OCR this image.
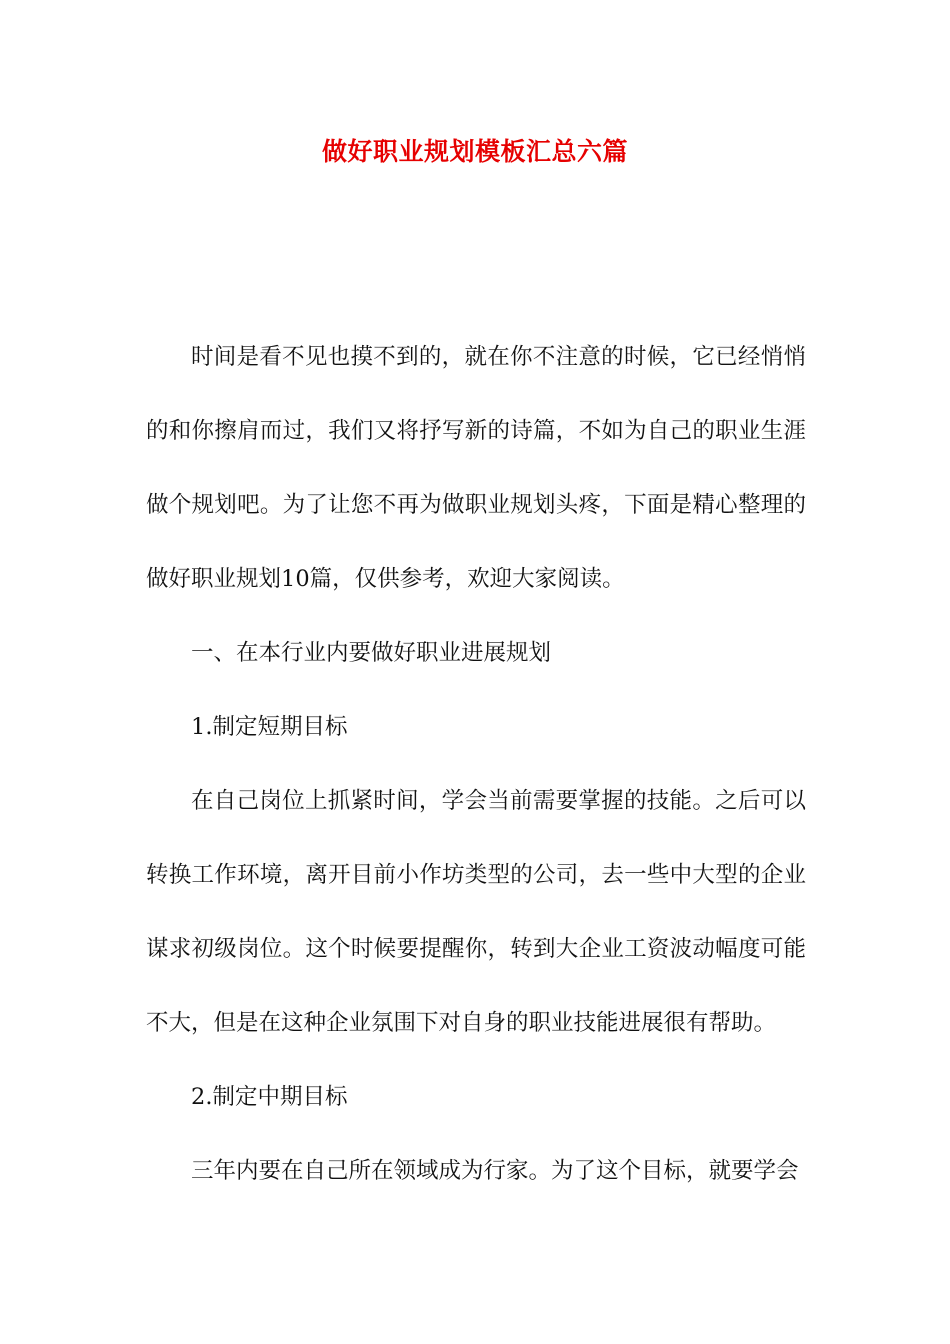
做好职业规划模板汇总六篇

时间是看不见也摸不到的，就在你不注意的时候，它已经悄悄的和你擦肩而过，我们又将抒写新的诗篇，不如为自己的职业生涯做个规划吧。为了让您不再为做职业规划头疼，下面是精心整理的做好职业规划10篇，仅供参考，欢迎大家阅读。

一、在本行业内要做好职业进展规划

1.制定短期目标

在自己岗位上抓紧时间，学会当前需要掌握的技能。之后可以转换工作环境，离开目前小作坊类型的公司，去一些中大型的企业谋求初级岗位。这个时候要提醒你，转到大企业工资波动幅度可能不大，但是在这种企业氛围下对自身的职业技能进展很有帮助。

2.制定中期目标

三年内要在自己所在领域成为行家。为了这个目标，就要学会
